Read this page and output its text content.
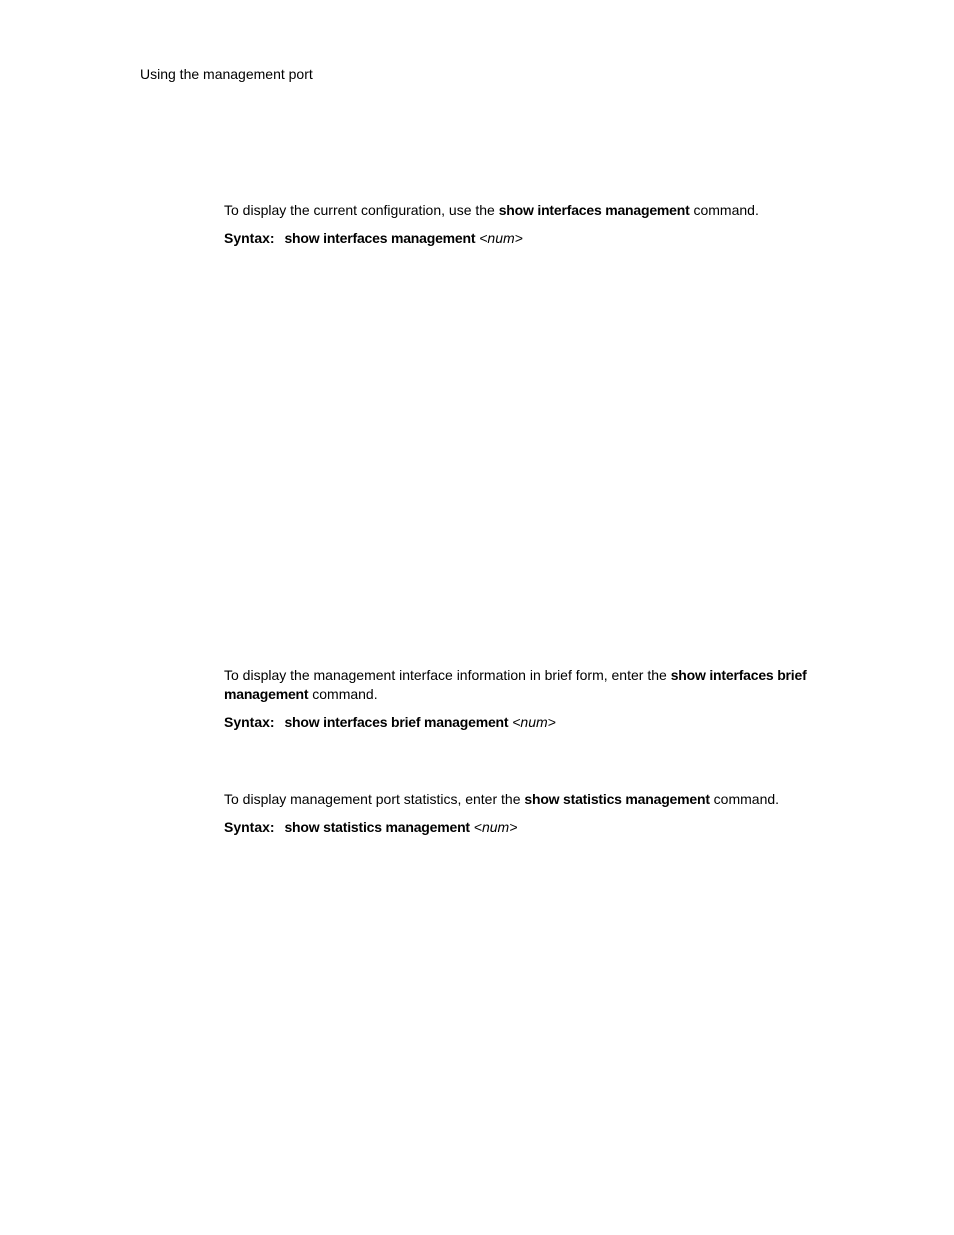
Using the management port
To display the current configuration, use the show interfaces management command.
Syntax: show interfaces management <num>
To display the management interface information in brief form, enter the show interfaces brief management command.
Syntax: show interfaces brief management <num>
To display management port statistics, enter the show statistics management command.
Syntax: show statistics management <num>
